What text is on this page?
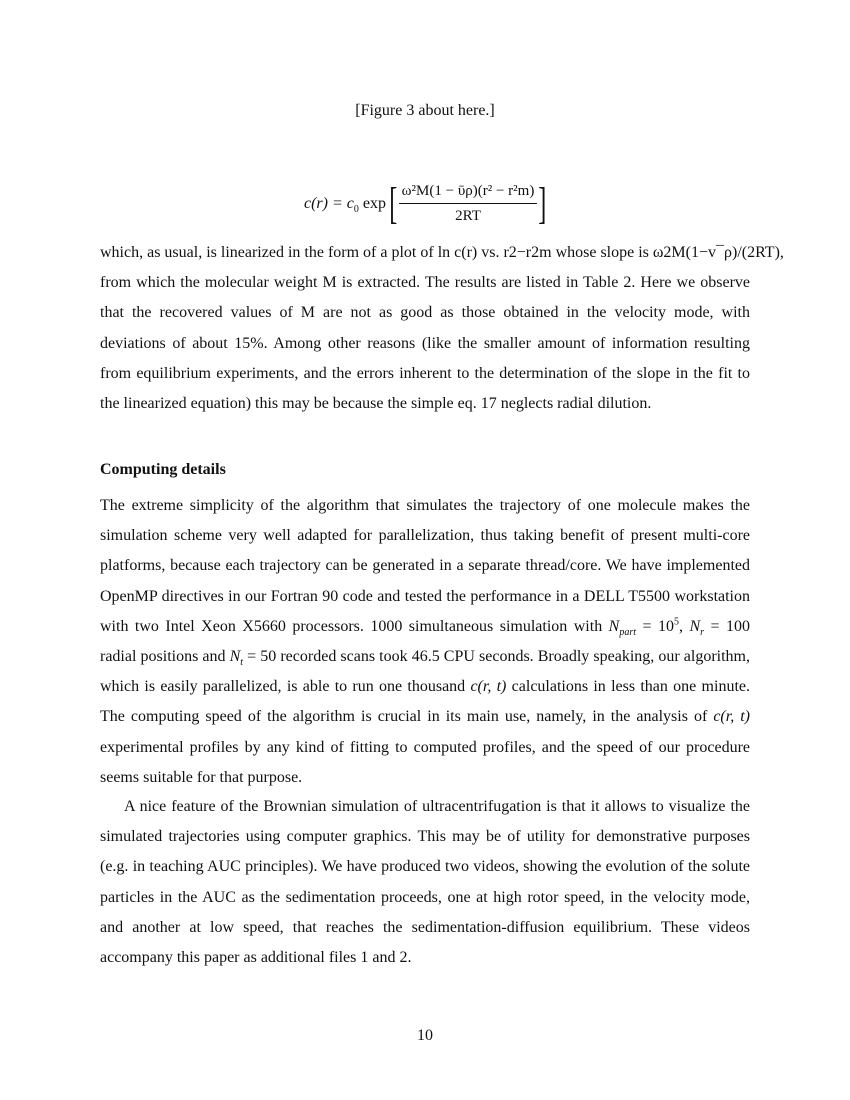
[Figure 3 about here.]
$c(r) = c_0$ exp [ $\frac{\text{ω²M(1 − ῡρ)(r² − r²m)}}{2RT}$ ]
which, as usual, is linearized in the form of a plot of ln c(r) vs. r2−r2m whose slope is ω2M(1−v¯ρ)/(2RT),
from which the molecular weight M is extracted. The results are listed in Table 2. Here we observe that the recovered values of M are not as good as those obtained in the velocity mode, with deviations of about 15%. Among other reasons (like the smaller amount of information resulting from equilibrium experiments, and the errors inherent to the determination of the slope in the fit to the linearized equation) this may be because the simple eq. 17 neglects radial dilution.
Computing details
The extreme simplicity of the algorithm that simulates the trajectory of one molecule makes the simulation scheme very well adapted for parallelization, thus taking benefit of present multi-core platforms, because each trajectory can be generated in a separate thread/core. We have implemented OpenMP directives in our Fortran 90 code and tested the performance in a DELL T5500 workstation with two Intel Xeon X5660 processors. 1000 simultaneous simulation with $N_{part} = 10^5$, $N_r = 100$ radial positions and $N_t = 50$ recorded scans took 46.5 CPU seconds. Broadly speaking, our algorithm, which is easily parallelized, is able to run one thousand c(r, t) calculations in less than one minute. The computing speed of the algorithm is crucial in its main use, namely, in the analysis of c(r, t) experimental profiles by any kind of fitting to computed profiles, and the speed of our procedure seems suitable for that purpose.
A nice feature of the Brownian simulation of ultracentrifugation is that it allows to visualize the simulated trajectories using computer graphics. This may be of utility for demonstrative purposes (e.g. in teaching AUC principles). We have produced two videos, showing the evolution of the solute particles in the AUC as the sedimentation proceeds, one at high rotor speed, in the velocity mode, and another at low speed, that reaches the sedimentation-diffusion equilibrium. These videos accompany this paper as additional files 1 and 2.
10
